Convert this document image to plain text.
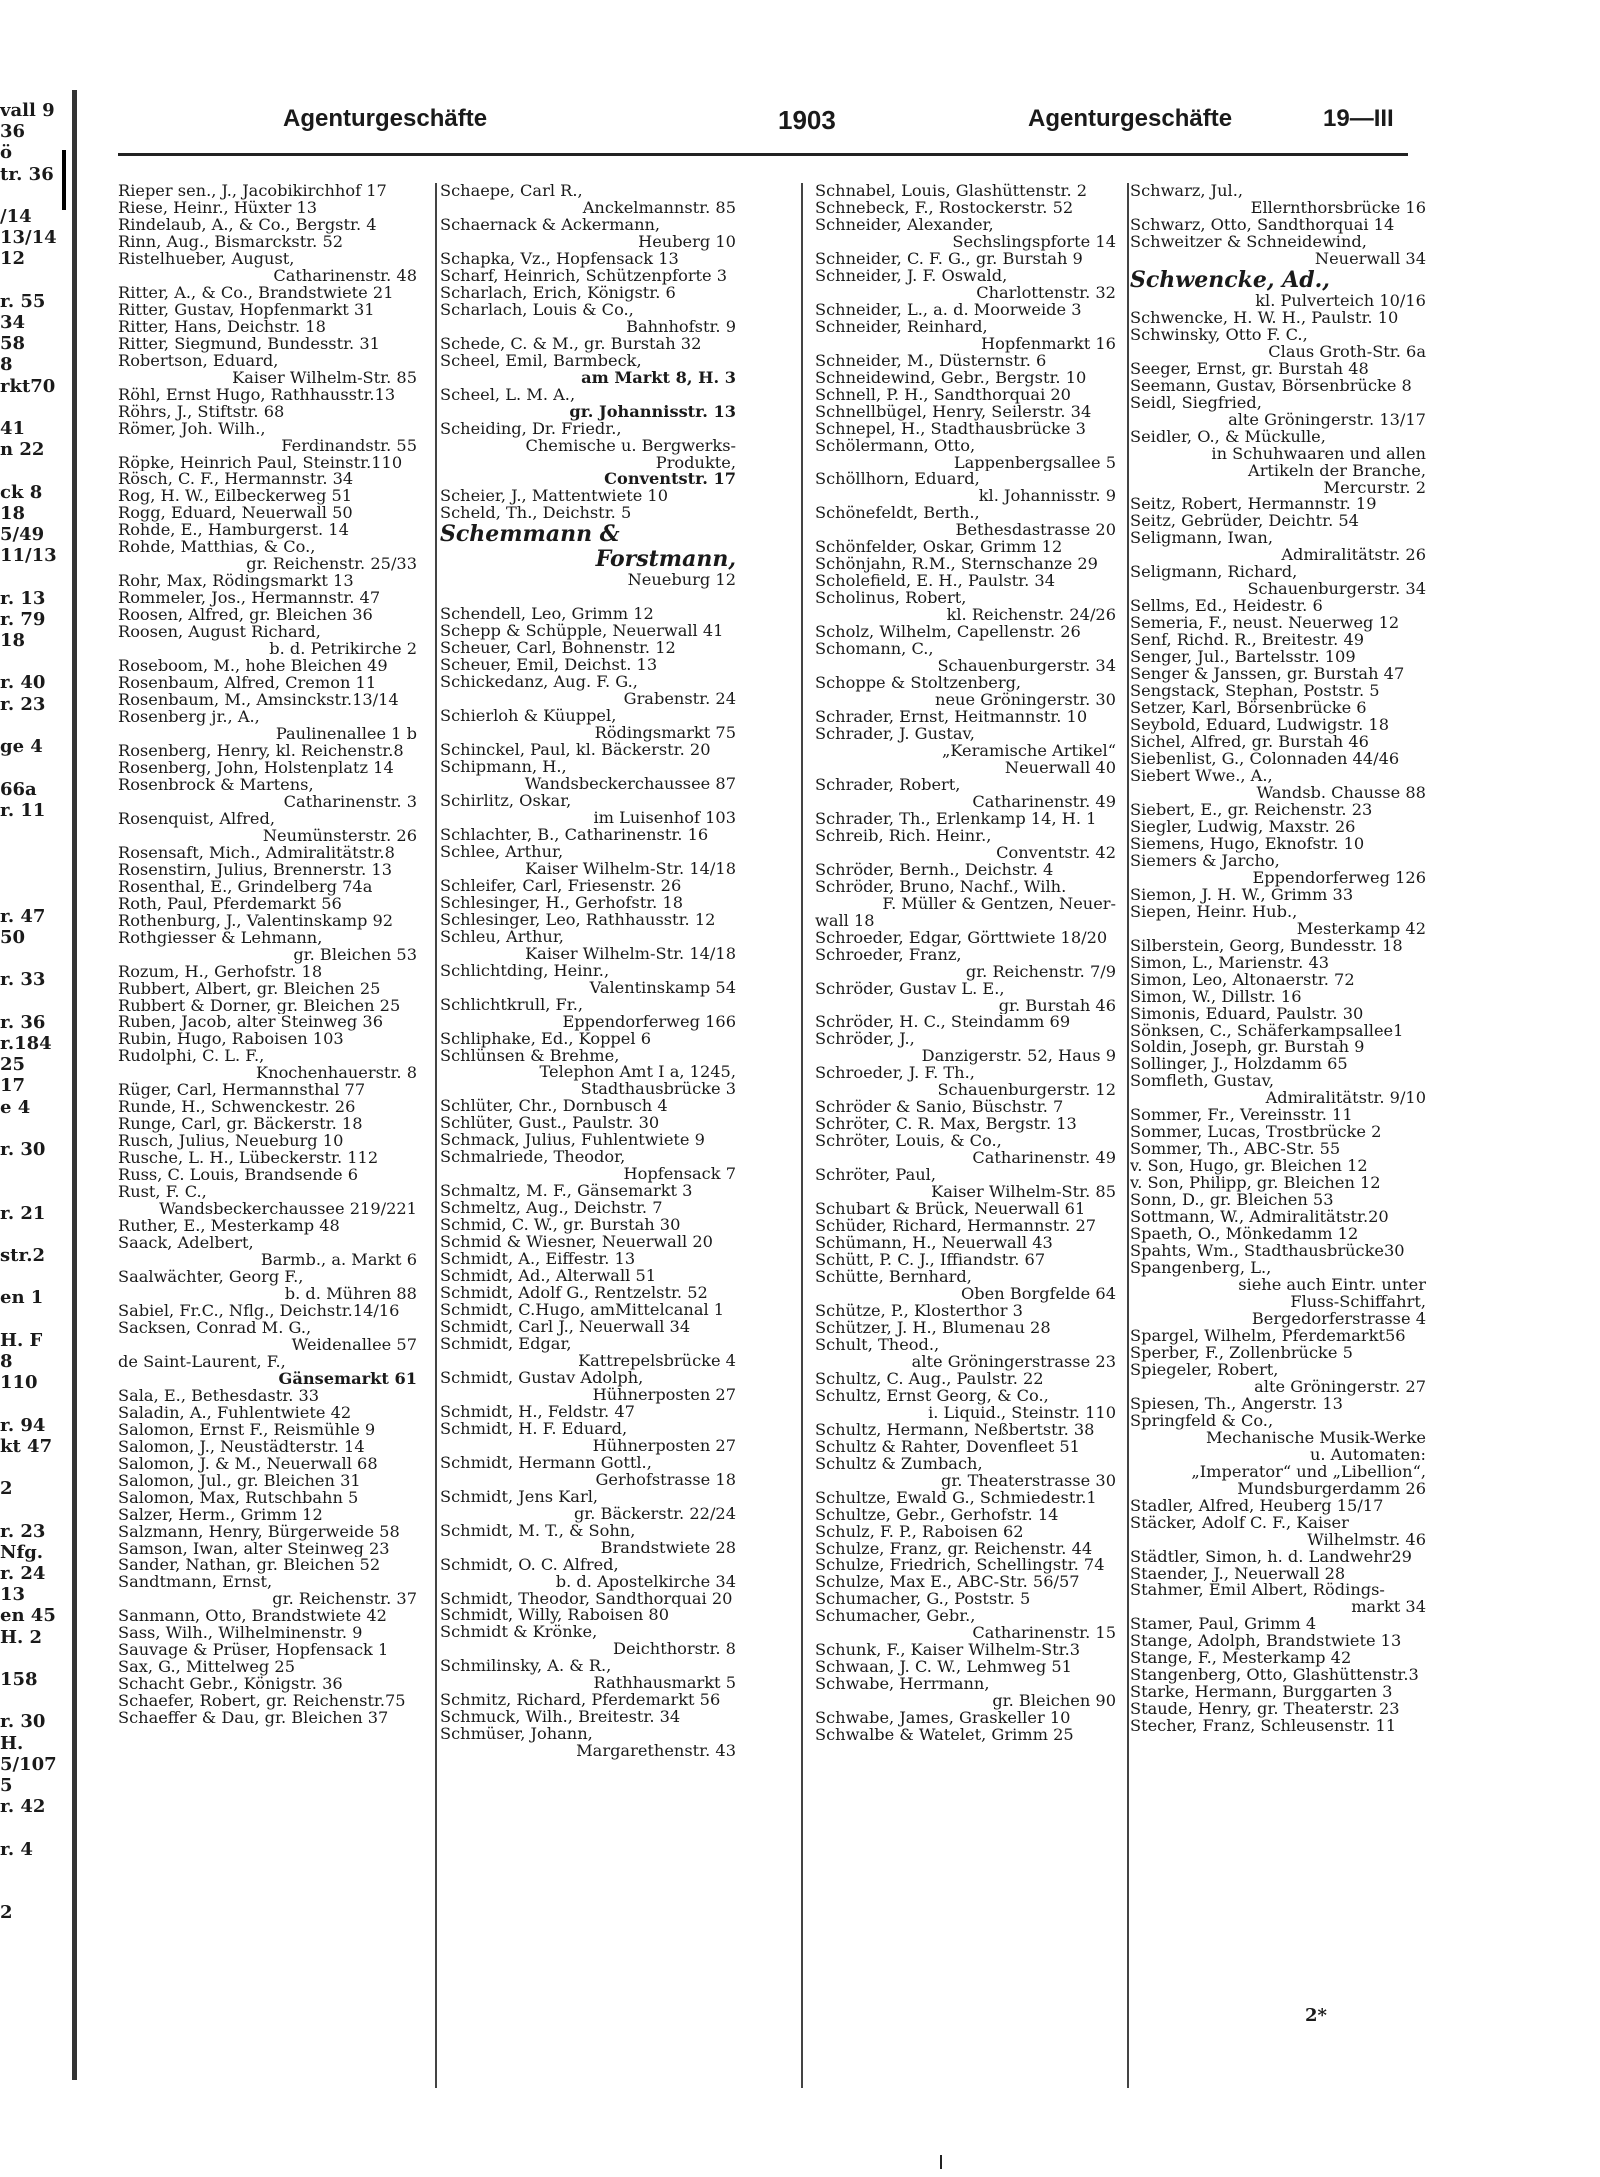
vall 9
36
ö
tr. 36

/14
13/14
12

r. 55
34
58
8
rkt70

41
n 22

ck 8
18
5/49
11/13

r. 13
r. 79
18

r. 40
r. 23

ge 4

66a
r. 11

r. 47
50

r. 33

r. 36
r.184
25
17
e 4

r. 30

r. 21

str.2

en 1

H. F
8
110

r. 94
kt 47

2

r. 23
Nfg.
r. 24
13
en 45
H. 2

158

r. 30
H.
5/107
5
r. 42

r. 4

2
Agenturgeschäfte	1903	Agenturgeschäfte	19—III
Rieper sen., J., Jacobikirchhof 17
Riese, Heinr., Hüxter 13
Rindelaub, A., & Co., Bergstr. 4
Rinn, Aug., Bismarckstr. 52
Ristelhueber, August,
Catharinenstr. 48
Ritter, A., & Co., Brandstwiete 21
Ritter, Gustav, Hopfenmarkt 31
Ritter, Hans, Deichstr. 18
Ritter, Siegmund, Bundesstr. 31
Robertson, Eduard,
Kaiser Wilhelm-Str. 85
Röhl, Ernst Hugo, Rathhausstr.13
Röhrs, J., Stiftstr. 68
Römer, Joh. Wilh.,
Ferdinandstr. 55
Röpke, Heinrich Paul, Steinstr.110
Rösch, C. F., Hermannstr. 34
Rog, H. W., Eilbeckerweg 51
Rogg, Eduard, Neuerwall 50
Rohde, E., Hamburgerst. 14
Rohde, Matthias, & Co.,
gr. Reichenstr. 25/33
Rohr, Max, Rödingsmarkt 13
Rommeler, Jos., Hermannstr. 47
Roosen, Alfred, gr. Bleichen 36
Roosen, August Richard,
b. d. Petrikirche 2
Roseboom, M., hohe Bleichen 49
Rosenbaum, Alfred, Cremon 11
Rosenbaum, M., Amsinckstr.13/14
Rosenberg jr., A.,
Paulinenallee 1 b
Rosenberg, Henry, kl. Reichenstr.8
Rosenberg, John, Holstenplatz 14
Rosenbrock & Martens,
Catharinenstr. 3
Rosenquist, Alfred,
Neumünsterstr. 26
Rosensaft, Mich., Admiralitätstr.8
Rosenstirn, Julius, Brennerstr. 13
Rosenthal, E., Grindelberg 74a
Roth, Paul, Pferdemarkt 56
Rothenburg, J., Valentinskamp 92
Rothgiesser & Lehmann,
gr. Bleichen 53
Rozum, H., Gerhofstr. 18
Rubbert, Albert, gr. Bleichen 25
Rubbert & Dorner, gr. Bleichen 25
Ruben, Jacob, alter Steinweg 36
Rubin, Hugo, Raboisen 103
Rudolphi, C. L. F.,
Knochenhauerstr. 8
Rüger, Carl, Hermannsthal 77
Runde, H., Schwenckestr. 26
Runge, Carl, gr. Bäckerstr. 18
Rusch, Julius, Neueburg 10
Rusche, L. H., Lübeckerstr. 112
Russ, C. Louis, Brandsende 6
Rust, F. C.,
Wandsbeckerchaussee 219/221
Ruther, E., Mesterkamp 48
Saack, Adelbert,
Barmb., a. Markt 6
Saalwächter, Georg F.,
b. d. Mühren 88
Sabiel, Fr.C., Nflg., Deichstr.14/16
Sacksen, Conrad M. G.,
Weidenallee 57
de Saint-Laurent, F.,
Gänsemarkt 61
Sala, E., Bethesdastr. 33
Saladin, A., Fuhlentwiete 42
Salomon, Ernst F., Reismühle 9
Salomon, J., Neustädterstr. 14
Salomon, J. & M., Neuerwall 68
Salomon, Jul., gr. Bleichen 31
Salomon, Max, Rutschbahn 5
Salzer, Herm., Grimm 12
Salzmann, Henry, Bürgerweide 58
Samson, Iwan, alter Steinweg 23
Sander, Nathan, gr. Bleichen 52
Sandtmann, Ernst,
gr. Reichenstr. 37
Sanmann, Otto, Brandstwiete 42
Sass, Wilh., Wilhelminenstr. 9
Sauvage & Prüser, Hopfensack 1
Sax, G., Mittelweg 25
Schacht Gebr., Königstr. 36
Schaefer, Robert, gr. Reichenstr.75
Schaeffer & Dau, gr. Bleichen 37
Schaepe, Carl R.,
Anckelmannstr. 85
Schaernack & Ackermann,
Heuberg 10
Schapka, Vz., Hopfensack 13
Scharf, Heinrich, Schützenpforte 3
Scharlach, Erich, Königstr. 6
Scharlach, Louis & Co.,
Bahnhofstr. 9
Schede, C. & M., gr. Burstah 32
Scheel, Emil, Barmbeck,
am Markt 8, H. 3
Scheel, L. M. A.,
gr. Johannisstr. 13
Scheiding, Dr. Friedr.,
Chemische u. Bergwerks-
Produkte,
Conventstr. 17
Scheier, J., Mattentwiete 10
Scheld, Th., Deichstr. 5
Schemmann &
Forstmann,
Neueburg 12

Schendell, Leo, Grimm 12
Schepp & Schüpple, Neuerwall 41
Scheuer, Carl, Bohnenstr. 12
Scheuer, Emil, Deichst. 13
Schickedanz, Aug. F. G.,
Grabenstr. 24
Schierloh & Küuppel,
Rödingsmarkt 75
Schinckel, Paul, kl. Bäckerstr. 20
Schipmann, H.,
Wandsbeckerchaussee 87
Schirlitz, Oskar,
im Luisenhof 103
Schlachter, B., Catharinenstr. 16
Schlee, Arthur,
Kaiser Wilhelm-Str. 14/18
Schleifer, Carl, Friesenstr. 26
Schlesinger, H., Gerhofstr. 18
Schlesinger, Leo, Rathhausstr. 12
Schleu, Arthur,
Kaiser Wilhelm-Str. 14/18
Schlichtding, Heinr.,
Valentinskamp 54
Schlichtkrull, Fr.,
Eppendorferweg 166
Schliphake, Ed., Koppel 6
Schlünsen & Brehme,
Telephon Amt I a, 1245,
Stadthausbrücke 3
Schlüter, Chr., Dornbusch 4
Schlüter, Gust., Paulstr. 30
Schmack, Julius, Fuhlentwiete 9
Schmalriede, Theodor,
Hopfensack 7
Schmaltz, M. F., Gänsemarkt 3
Schmeltz, Aug., Deichstr. 7
Schmid, C. W., gr. Burstah 30
Schmid & Wiesner, Neuerwall 20
Schmidt, A., Eiffestr. 13
Schmidt, Ad., Alterwall 51
Schmidt, Adolf G., Rentzelstr. 52
Schmidt, C.Hugo, amMittelcanal 1
Schmidt, Carl J., Neuerwall 34
Schmidt, Edgar,
Kattrepelsbrücke 4
Schmidt, Gustav Adolph,
Hühnerposten 27
Schmidt, H., Feldstr. 47
Schmidt, H. F. Eduard,
Hühnerposten 27
Schmidt, Hermann Gottl.,
Gerhofstrasse 18
Schmidt, Jens Karl,
gr. Bäckerstr. 22/24
Schmidt, M. T., & Sohn,
Brandstwiete 28
Schmidt, O. C. Alfred,
b. d. Apostelkirche 34
Schmidt, Theodor, Sandthorquai 20
Schmidt, Willy, Raboisen 80
Schmidt & Krönke,
Deichthorstr. 8
Schmilinsky, A. & R.,
Rathhausmarkt 5
Schmitz, Richard, Pferdemarkt 56
Schmuck, Wilh., Breitestr. 34
Schmüser, Johann,
Margarethenstr. 43
Schnabel, Louis, Glashüttenstr. 2
Schnebeck, F., Rostockerstr. 52
Schneider, Alexander,
Sechslingspforte 14
Schneider, C. F. G., gr. Burstah 9
Schneider, J. F. Oswald,
Charlottenstr. 32
Schneider, L., a. d. Moorweide 3
Schneider, Reinhard,
Hopfenmarkt 16
Schneider, M., Düsternstr. 6
Schneidewind, Gebr., Bergstr. 10
Schnell, P. H., Sandthorquai 20
Schnellbügel, Henry, Seilerstr. 34
Schnepel, H., Stadthausbrücke 3
Schölermann, Otto,
Lappenbergsallee 5
Schöllhorn, Eduard,
kl. Johannisstr. 9
Schönefeldt, Berth.,
Bethesdastrasse 20
Schönfelder, Oskar, Grimm 12
Schönjahn, R.M., Sternschanze 29
Scholefield, E. H., Paulstr. 34
Scholinus, Robert,
kl. Reichenstr. 24/26
Scholz, Wilhelm, Capellenstr. 26
Schomann, C.,
Schauenburgerstr. 34
Schoppe & Stoltzenberg,
neue Gröningerstr. 30
Schrader, Ernst, Heitmannstr. 10
Schrader, J. Gustav,
„Keramische Artikel“
Neuerwall 40
Schrader, Robert,
Catharinenstr. 49
Schrader, Th., Erlenkamp 14, H. 1
Schreib, Rich. Heinr.,
Conventstr. 42
Schröder, Bernh., Deichstr. 4
Schröder, Bruno, Nachf., Wilh.
F. Müller & Gentzen, Neuer-
wall 18
Schroeder, Edgar, Görttwiete 18/20
Schroeder, Franz,
gr. Reichenstr. 7/9
Schröder, Gustav L. E.,
gr. Burstah 46
Schröder, H. C., Steindamm 69
Schröder, J.,
Danzigerstr. 52, Haus 9
Schroeder, J. F. Th.,
Schauenburgerstr. 12
Schröder & Sanio, Büschstr. 7
Schröter, C. R. Max, Bergstr. 13
Schröter, Louis, & Co.,
Catharinenstr. 49
Schröter, Paul,
Kaiser Wilhelm-Str. 85
Schubart & Brück, Neuerwall 61
Schüder, Richard, Hermannstr. 27
Schümann, H., Neuerwall 43
Schütt, P. C. J., Iffiandstr. 67
Schütte, Bernhard,
Oben Borgfelde 64
Schütze, P., Klosterthor 3
Schützer, J. H., Blumenau 28
Schult, Theod.,
alte Gröningerstrasse 23
Schultz, C. Aug., Paulstr. 22
Schultz, Ernst Georg, & Co.,
i. Liquid., Steinstr. 110
Schultz, Hermann, Neßbertstr. 38
Schultz & Rahter, Dovenfleet 51
Schultz & Zumbach,
gr. Theaterstrasse 30
Schultze, Ewald G., Schmiedestr.1
Schultze, Gebr., Gerhofstr. 14
Schulz, F. P., Raboisen 62
Schulze, Franz, gr. Reichenstr. 44
Schulze, Friedrich, Schellingstr. 74
Schulze, Max E., ABC-Str. 56/57
Schumacher, G., Poststr. 5
Schumacher, Gebr.,
Catharinenstr. 15
Schunk, F., Kaiser Wilhelm-Str.3
Schwaan, J. C. W., Lehmweg 51
Schwabe, Herrmann,
gr. Bleichen 90
Schwabe, James, Graskeller 10
Schwalbe & Watelet, Grimm 25
Schwarz, Jul.,
Ellernthorsbrücke 16
Schwarz, Otto, Sandthorquai 14
Schweitzer & Schneidewind,
Neuerwall 34
Schwencke, Ad.,
kl. Pulverteich 10/16
Schwencke, H. W. H., Paulstr. 10
Schwinsky, Otto F. C.,
Claus Groth-Str. 6a
Seeger, Ernst, gr. Burstah 48
Seemann, Gustav, Börsenbrücke 8
Seidl, Siegfried,
alte Gröningerstr. 13/17
Seidler, O., & Mückulle,
in Schuhwaaren und allen
Artikeln der Branche,
Mercurstr. 2
Seitz, Robert, Hermannstr. 19
Seitz, Gebrüder, Deichtr. 54
Seligmann, Iwan,
Admiralitätstr. 26
Seligmann, Richard,
Schauenburgerstr. 34
Sellms, Ed., Heidestr. 6
Semeria, F., neust. Neuerweg 12
Senf, Richd. R., Breitestr. 49
Senger, Jul., Bartelsstr. 109
Senger & Janssen, gr. Burstah 47
Sengstack, Stephan, Poststr. 5
Setzer, Karl, Börsenbrücke 6
Seybold, Eduard, Ludwigstr. 18
Sichel, Alfred, gr. Burstah 46
Siebenlist, G., Colonnaden 44/46
Siebert Wwe., A.,
Wandsb. Chausse 88
Siebert, E., gr. Reichenstr. 23
Siegler, Ludwig, Maxstr. 26
Siemens, Hugo, Eknofstr. 10
Siemers & Jarcho,
Eppendorferweg 126
Siemon, J. H. W., Grimm 33
Siepen, Heinr. Hub.,
Mesterkamp 42
Silberstein, Georg, Bundesstr. 18
Simon, L., Marienstr. 43
Simon, Leo, Altonaerstr. 72
Simon, W., Dillstr. 16
Simonis, Eduard, Paulstr. 30
Sönksen, C., Schäferkampsallee1
Soldin, Joseph, gr. Burstah 9
Sollinger, J., Holzdamm 65
Somfleth, Gustav,
Admiralitätstr. 9/10
Sommer, Fr., Vereinsstr. 11
Sommer, Lucas, Trostbrücke 2
Sommer, Th., ABC-Str. 55
v. Son, Hugo, gr. Bleichen 12
v. Son, Philipp, gr. Bleichen 12
Sonn, D., gr. Bleichen 53
Sottmann, W., Admiralitätstr.20
Spaeth, O., Mönkedamm 12
Spahts, Wm., Stadthausbrücke30
Spangenberg, L.,
siehe auch Eintr. unter
Fluss-Schiffahrt,
Bergedorferstrasse 4
Spargel, Wilhelm, Pferdemarkt56
Sperber, F., Zollenbrücke 5
Spiegeler, Robert,
alte Gröningerstr. 27
Spiesen, Th., Angerstr. 13
Springfeld & Co.,
Mechanische Musik-Werke
u. Automaten:
„Imperator“ und „Libellion“,
Mundsburgerdamm 26
Stadler, Alfred, Heuberg 15/17
Stäcker, Adolf C. F., Kaiser
Wilhelmstr. 46
Städtler, Simon, h. d. Landwehr29
Staender, J., Neuerwall 28
Stahmer, Emil Albert, Rödings-
markt 34
Stamer, Paul, Grimm 4
Stange, Adolph, Brandstwiete 13
Stange, F., Mesterkamp 42
Stangenberg, Otto, Glashüttenstr.3
Starke, Hermann, Burggarten 3
Staude, Henry, gr. Theaterstr. 23
Stecher, Franz, Schleusenstr. 11
2*
